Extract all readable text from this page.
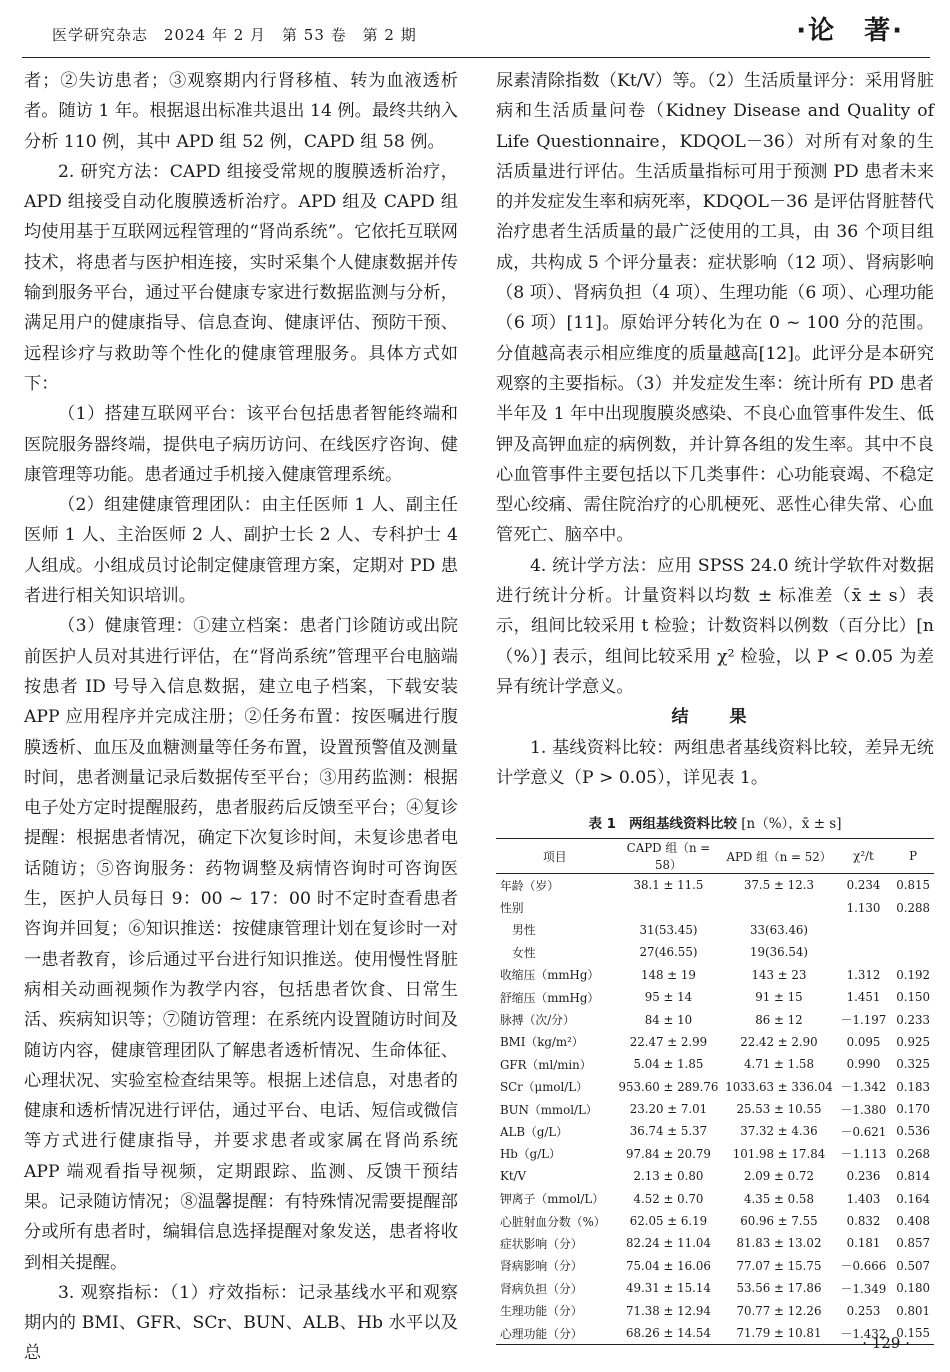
医学研究杂志　2024 年 2 月　第 53 卷　第 2 期	·论　著·

者；②失访患者；③观察期内行肾移植、转为血液透析者。随访 1 年。根据退出标准共退出 14 例。最终共纳入分析 110 例，其中 APD 组 52 例，CAPD 组 58 例。

2. 研究方法：CAPD 组接受常规的腹膜透析治疗，APD 组接受自动化腹膜透析治疗。APD 组及 CAPD 组均使用基于互联网远程管理的“肾尚系统”。它依托互联网技术，将患者与医护相连接，实时采集个人健康数据并传输到服务平台，通过平台健康专家进行数据监测与分析，满足用户的健康指导、信息查询、健康评估、预防干预、远程诊疗与救助等个性化的健康管理服务。具体方式如下：

（1）搭建互联网平台：该平台包括患者智能终端和医院服务器终端，提供电子病历访问、在线医疗咨询、健康管理等功能。患者通过手机接入健康管理系统。

（2）组建健康管理团队：由主任医师 1 人、副主任医师 1 人、主治医师 2 人、副护士长 2 人、专科护士 4 人组成。小组成员讨论制定健康管理方案，定期对 PD 患者进行相关知识培训。

（3）健康管理：①建立档案：患者门诊随访或出院前医护人员对其进行评估，在“肾尚系统”管理平台电脑端按患者 ID 号导入信息数据，建立电子档案，下载安装 APP 应用程序并完成注册；②任务布置：按医嘱进行腹膜透析、血压及血糖测量等任务布置，设置预警值及测量时间，患者测量记录后数据传至平台；③用药监测：根据电子处方定时提醒服药，患者服药后反馈至平台；④复诊提醒：根据患者情况，确定下次复诊时间，未复诊患者电话随访；⑤咨询服务：药物调整及病情咨询时可咨询医生，医护人员每日 9：00 ~ 17：00 时不定时查看患者咨询并回复；⑥知识推送：按健康管理计划在复诊时一对一患者教育，诊后通过平台进行知识推送。使用慢性肾脏病相关动画视频作为教学内容，包括患者饮食、日常生活、疾病知识等；⑦随访管理：在系统内设置随访时间及随访内容，健康管理团队了解患者透析情况、生命体征、心理状况、实验室检查结果等。根据上述信息，对患者的健康和透析情况进行评估，通过平台、电话、短信或微信等方式进行健康指导，并要求患者或家属在肾尚系统 APP 端观看指导视频，定期跟踪、监测、反馈干预结果。记录随访情况；⑧温馨提醒：有特殊情况需要提醒部分或所有患者时，编辑信息选择提醒对象发送，患者将收到相关提醒。

3. 观察指标：（1）疗效指标：记录基线水平和观察期内的 BMI、GFR、SCr、BUN、ALB、Hb 水平以及总

尿素清除指数（Kt/V）等。（2）生活质量评分：采用肾脏病和生活质量问卷（Kidney Disease and Quality of Life Questionnaire，KDQOL－36）对所有对象的生活质量进行评估。生活质量指标可用于预测 PD 患者未来的并发症发生率和病死率，KDQOL－36 是评估肾脏替代治疗患者生活质量的最广泛使用的工具，由 36 个项目组成，共构成 5 个评分量表：症状影响（12 项）、肾病影响（8 项）、肾病负担（4 项）、生理功能（6 项）、心理功能（6 项）[11]。原始评分转化为在 0 ~ 100 分的范围。分值越高表示相应维度的质量越高[12]。此评分是本研究观察的主要指标。（3）并发症发生率：统计所有 PD 患者半年及 1 年中出现腹膜炎感染、不良心血管事件发生、低钾及高钾血症的病例数，并计算各组的发生率。其中不良心血管事件主要包括以下几类事件：心功能衰竭、不稳定型心绞痛、需住院治疗的心肌梗死、恶性心律失常、心血管死亡、脑卒中。

4. 统计学方法：应用 SPSS 24.0 统计学软件对数据进行统计分析。计量资料以均数 ± 标准差（x̄ ± s）表示，组间比较采用 t 检验；计数资料以例数（百分比）[n（%）] 表示，组间比较采用 χ² 检验，以 P < 0.05 为差异有统计学意义。

结　果

1. 基线资料比较：两组患者基线资料比较，差异无统计学意义（P > 0.05），详见表 1。

表 1 两组基线资料比较 [n（%），x̄ ± s]
项目	CAPD 组（n = 58）	APD 组（n = 52）	χ²/t	P
年龄（岁）	38.1 ± 11.5	37.5 ± 12.3	0.234	0.815
性别			1.130	0.288
男性	31(53.45)	33(63.46)		
女性	27(46.55)	19(36.54)		
收缩压（mmHg）	148 ± 19	143 ± 23	1.312	0.192
舒缩压（mmHg）	95 ± 14	91 ± 15	1.451	0.150
脉搏（次/分）	84 ± 10	86 ± 12	－1.197	0.233
BMI（kg/m²）	22.47 ± 2.99	22.42 ± 2.90	0.095	0.925
GFR（ml/min）	5.04 ± 1.85	4.71 ± 1.58	0.990	0.325
SCr（μmol/L）	953.60 ± 289.76	1033.63 ± 336.04	－1.342	0.183
BUN（mmol/L）	23.20 ± 7.01	25.53 ± 10.55	－1.380	0.170
ALB（g/L）	36.74 ± 5.37	37.32 ± 4.36	－0.621	0.536
Hb（g/L）	97.84 ± 20.79	101.98 ± 17.84	－1.113	0.268
Kt/V	2.13 ± 0.80	2.09 ± 0.72	0.236	0.814
钾离子（mmol/L）	4.52 ± 0.70	4.35 ± 0.58	1.403	0.164
心脏射血分数（%）	62.05 ± 6.19	60.96 ± 7.55	0.832	0.408
症状影响（分）	82.24 ± 11.04	81.83 ± 13.02	0.181	0.857
肾病影响（分）	75.04 ± 16.06	77.07 ± 15.75	－0.666	0.507
肾病负担（分）	49.31 ± 15.14	53.56 ± 17.86	－1.349	0.180
生理功能（分）	71.38 ± 12.94	70.77 ± 12.26	0.253	0.801
心理功能（分）	68.26 ± 14.54	71.79 ± 10.81	－1.432	0.155
· 129 ·
